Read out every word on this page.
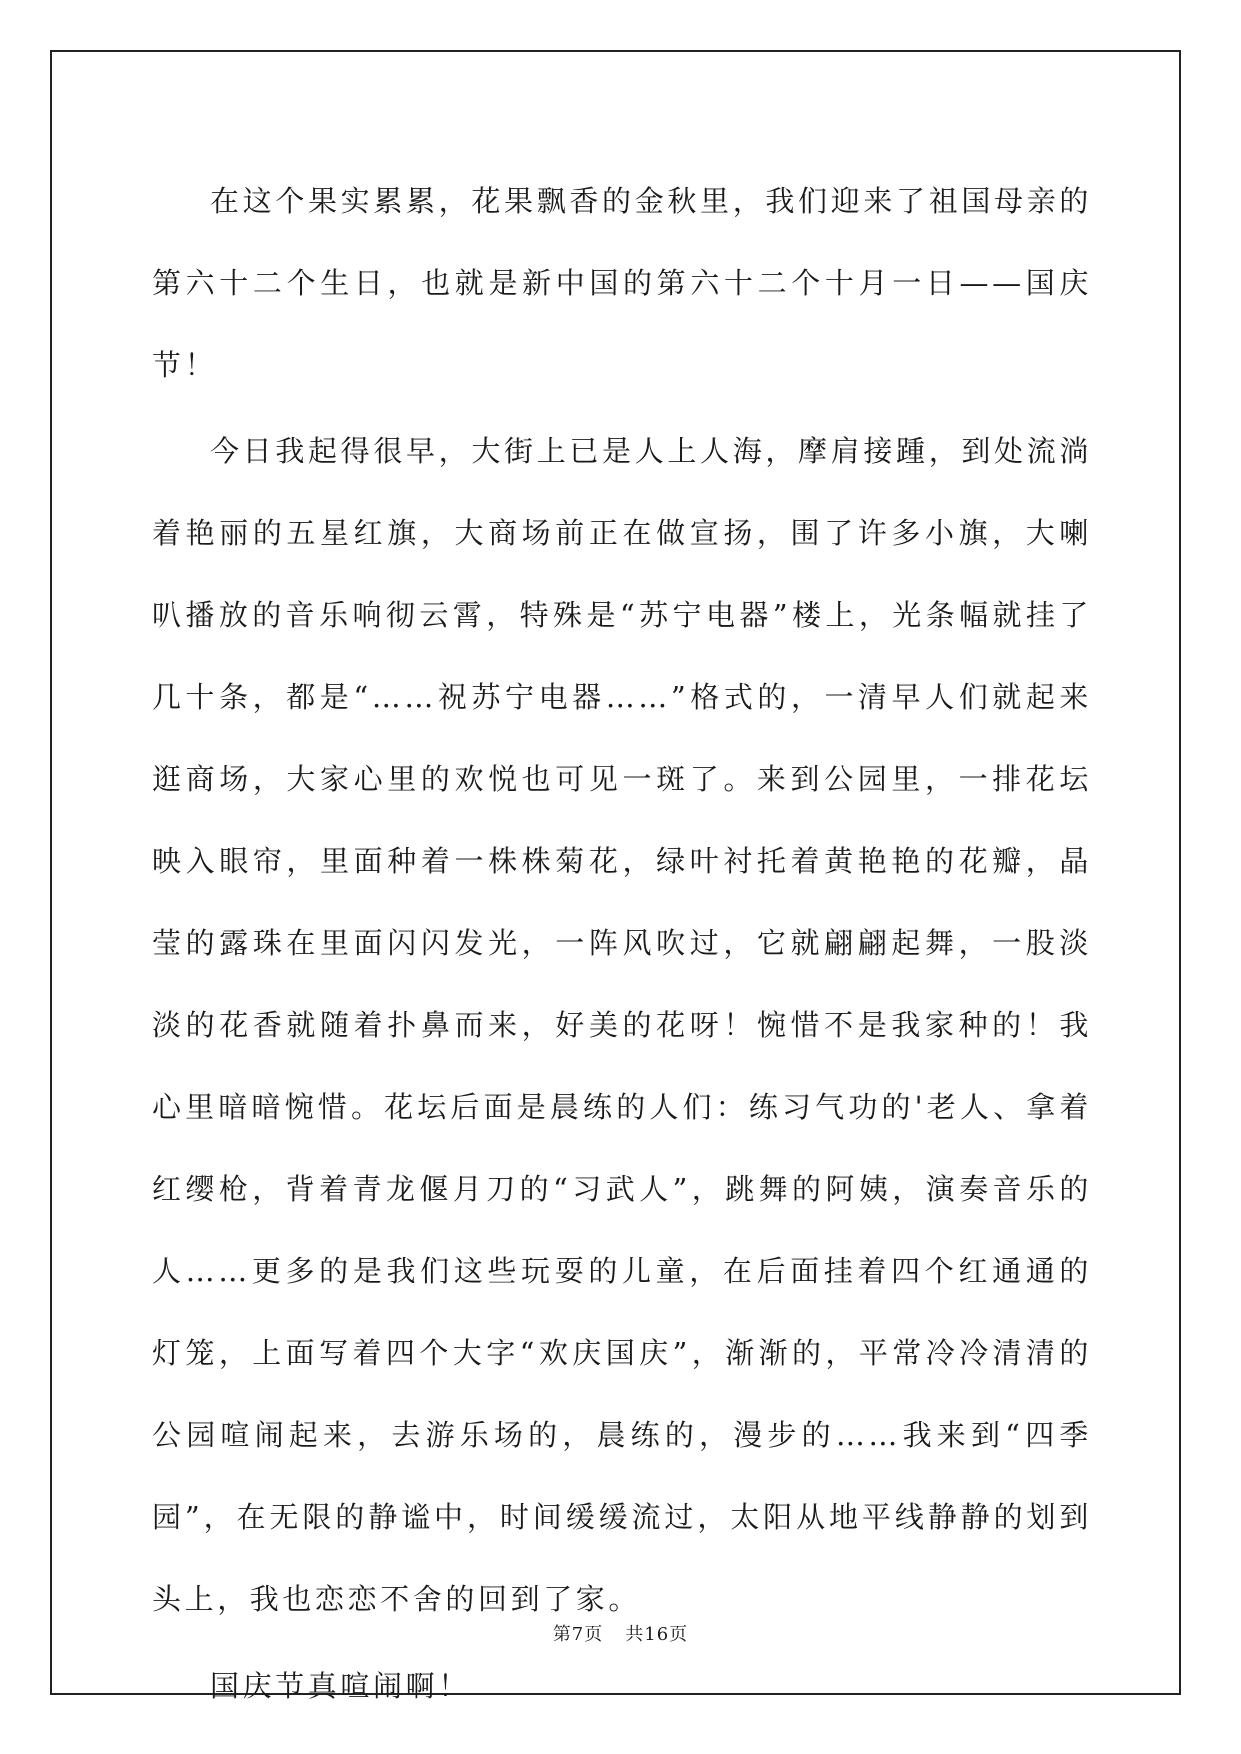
在这个果实累累，花果飘香的金秋里，我们迎来了祖国母亲的第六十二个生日，也就是新中国的第六十二个十月一日——国庆节！

今日我起得很早，大街上已是人上人海，摩肩接踵，到处流淌着艳丽的五星红旗，大商场前正在做宣扬，围了许多小旗，大喇叭播放的音乐响彻云霄，特殊是“苏宁电器”楼上，光条幅就挂了几十条，都是“……祝苏宁电器……”格式的，一清早人们就起来逛商场，大家心里的欢悦也可见一斑了。来到公园里，一排花坛映入眼帘，里面种着一株株菊花，绿叶衬托着黄艳艳的花瓣，晶莹的露珠在里面闪闪发光，一阵风吹过，它就翩翩起舞，一股淡淡的花香就随着扑鼻而来，好美的花呀！惋惜不是我家种的！我心里暗暗惋惜。花坛后面是晨练的人们：练习气功的'老人、拿着红缨枪，背着青龙偃月刀的“习武人”，跳舞的阿姨，演奏音乐的人……更多的是我们这些玩耍的儿童，在后面挂着四个红通通的灯笼，上面写着四个大字“欢庆国庆”，渐渐的，平常冷冷清清的公园喧闹起来，去游乐场的，晨练的，漫步的……我来到“四季园”，在无限的静谧中，时间缓缓流过，太阳从地平线静静的划到头上，我也恋恋不舍的回到了家。

国庆节真喧闹啊！

第7页 共16页
